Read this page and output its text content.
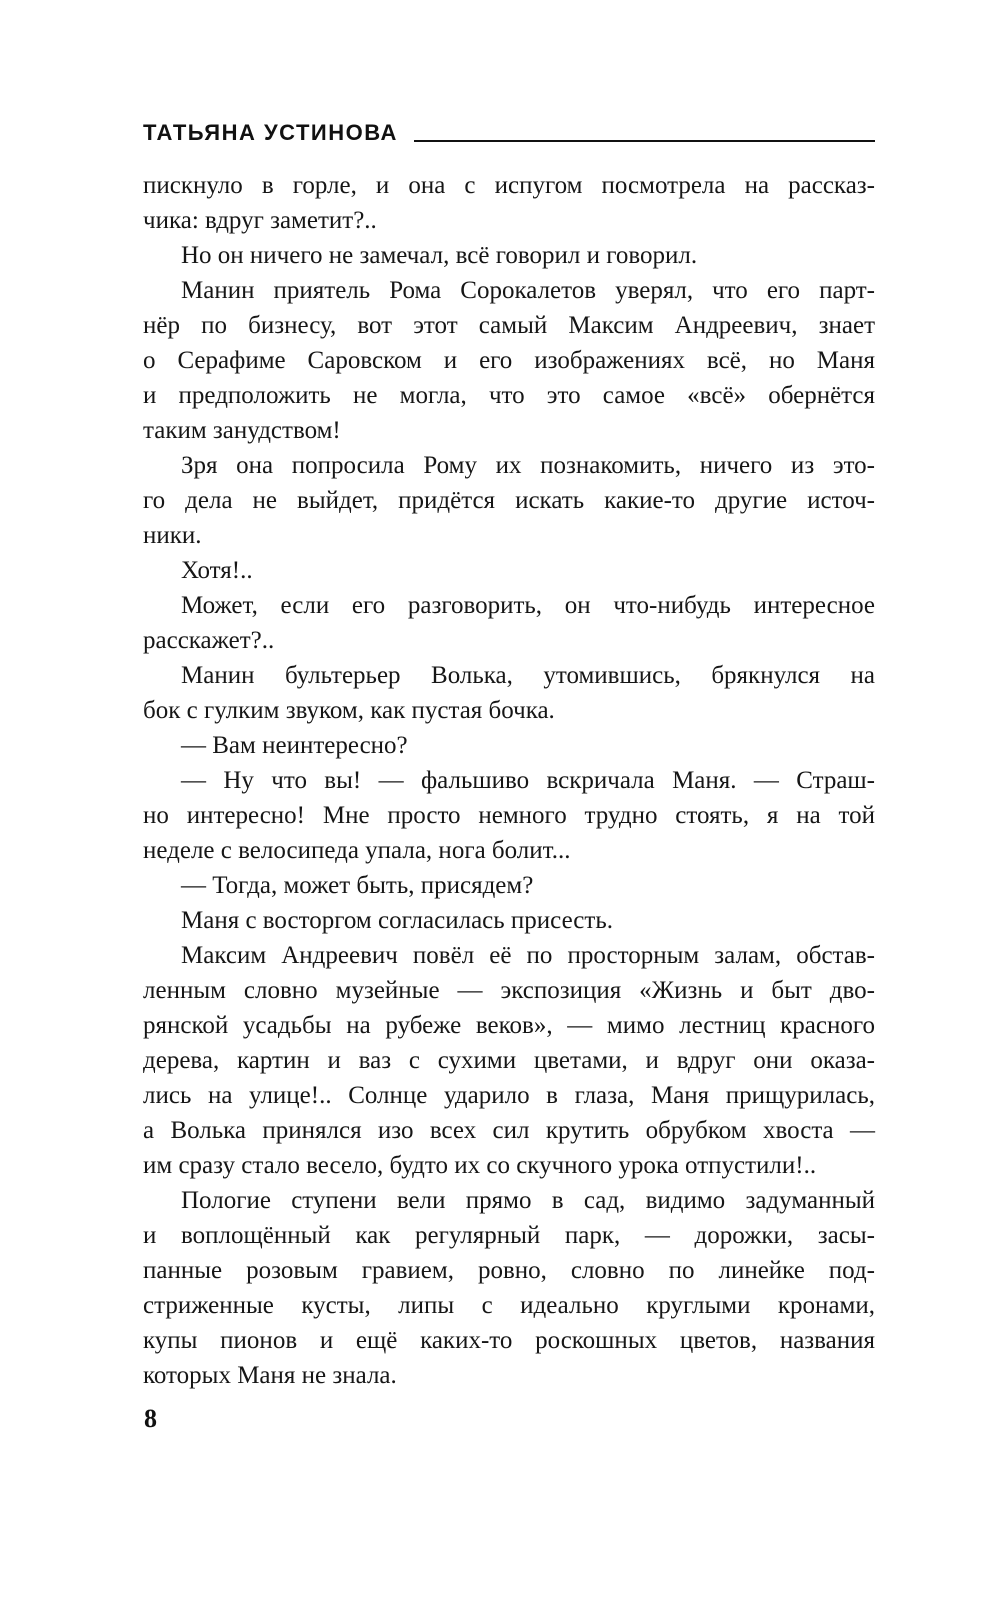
ТАТЬЯНА УСТИНОВА
пискнуло в горле, и она с испугом посмотрела на рассказ-
чика: вдруг заметит?..
Но он ничего не замечал, всё говорил и говорил.
Манин приятель Рома Сорокалетов уверял, что его парт-
нёр по бизнесу, вот этот самый Максим Андреевич, знает
о Серафиме Саровском и его изображениях всё, но Маня
и предположить не могла, что это самое «всё» обернётся
таким занудством!
Зря она попросила Рому их познакомить, ничего из это-
го дела не выйдет, придётся искать какие-то другие источ-
ники.
Хотя!..
Может, если его разговорить, он что-нибудь интересное
расскажет?..
Манин бультерьер Волька, утомившись, брякнулся на
бок с гулким звуком, как пустая бочка.
— Вам неинтересно?
— Ну что вы! — фальшиво вскричала Маня. — Страш-
но интересно! Мне просто немного трудно стоять, я на той
неделе с велосипеда упала, нога болит...
— Тогда, может быть, присядем?
Маня с восторгом согласилась присесть.
Максим Андреевич повёл её по просторным залам, обстав-
ленным словно музейные — экспозиция «Жизнь и быт дво-
рянской усадьбы на рубеже веков», — мимо лестниц красного
дерева, картин и ваз с сухими цветами, и вдруг они оказа-
лись на улице!.. Солнце ударило в глаза, Маня прищурилась,
а Волька принялся изо всех сил крутить обрубком хвоста —
им сразу стало весело, будто их со скучного урока отпустили!..
Пологие ступени вели прямо в сад, видимо задуманный
и воплощённый как регулярный парк, — дорожки, засы-
панные розовым гравием, ровно, словно по линейке под-
стриженные кусты, липы с идеально круглыми кронами,
купы пионов и ещё каких-то роскошных цветов, названия
которых Маня не знала.
8
